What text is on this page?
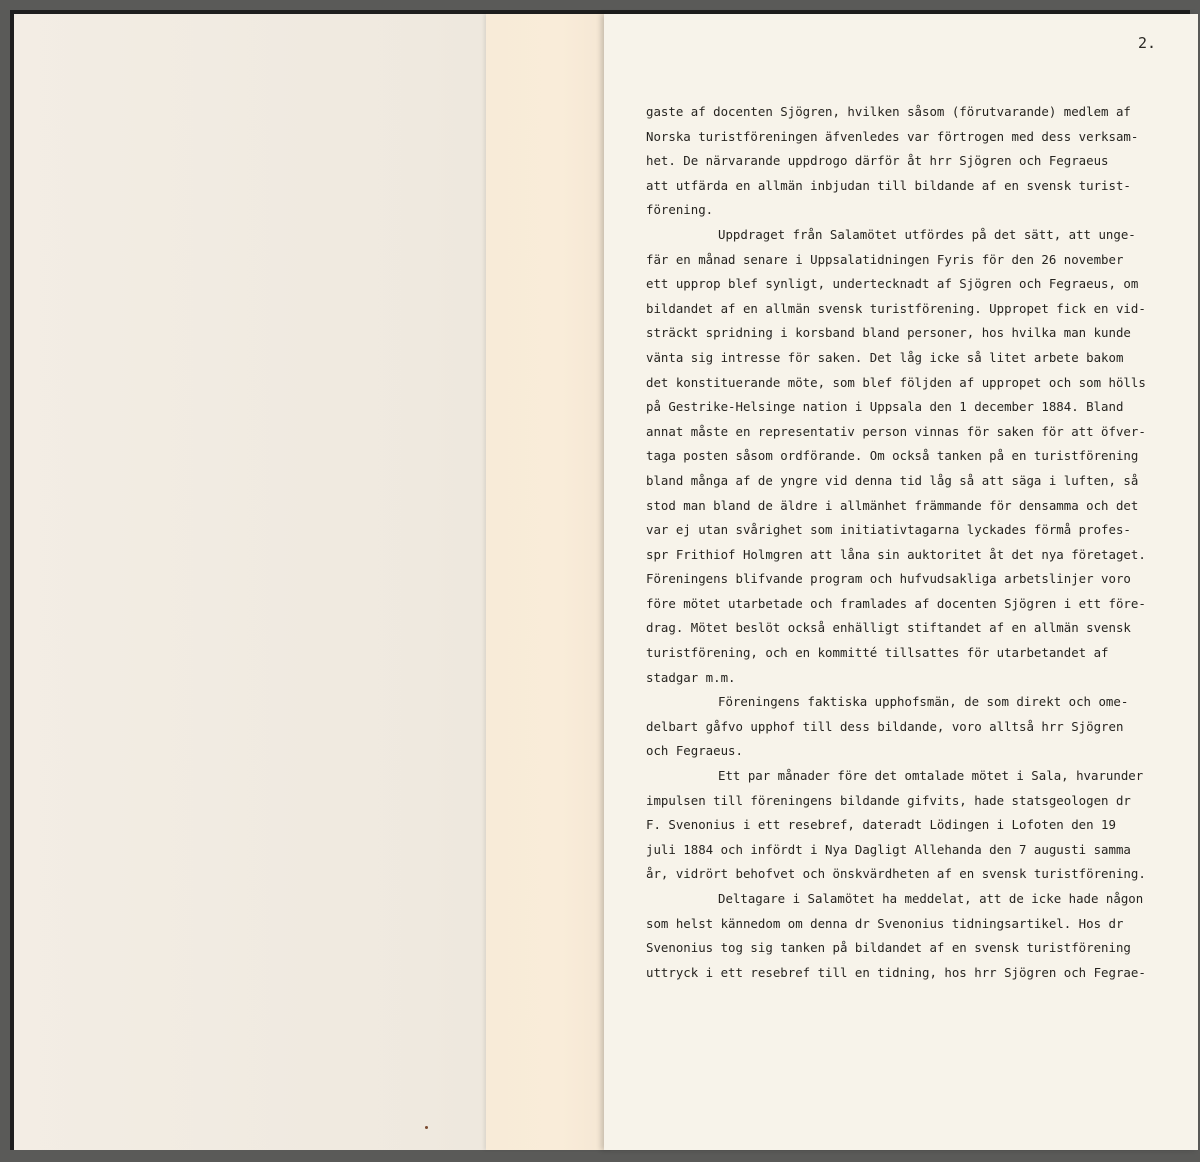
2.
gaste af docenten Sjögren, hvilken såsom (förutvarande) medlem af
Norska turistföreningen äfvenledes var förtrogen med dess verksam-
het. De närvarande uppdrogo därför åt hrr Sjögren och Fegraeus
att utfärda en allmän inbjudan till bildande af en svensk turist-
förening.
Uppdraget från Salamötet utfördes på det sätt, att unge-
fär en månad senare i Uppsalatidningen Fyris för den 26 november
ett upprop blef synligt, undertecknadt af Sjögren och Fegraeus, om
bildandet af en allmän svensk turistförening. Uppropet fick en vid-
sträckt spridning i korsband bland personer, hos hvilka man kunde
vänta sig intresse för saken. Det låg icke så litet arbete bakom
det konstituerande möte, som blef följden af uppropet och som hölls
på Gestrike-Helsinge nation i Uppsala den 1 december 1884. Bland
annat måste en representativ person vinnas för saken för att öfver-
taga posten såsom ordförande. Om också tanken på en turistförening
bland många af de yngre vid denna tid låg så att säga i luften, så
stod man bland de äldre i allmänhet främmande för densamma och det
var ej utan svårighet som initiativtagarna lyckades förmå profes-
spr Frithiof Holmgren att låna sin auktoritet åt det nya företaget.
Föreningens blifvande program och hufvudsakliga arbetslinjer voro
före mötet utarbetade och framlades af docenten Sjögren i ett före-
drag. Mötet beslöt också enhälligt stiftandet af en allmän svensk
turistförening, och en kommitté tillsattes för utarbetandet af
stadgar m.m.
Föreningens faktiska upphofsmän, de som direkt och ome-
delbart gåfvo upphof till dess bildande, voro alltså hrr Sjögren
och Fegraeus.
Ett par månader före det omtalade mötet i Sala, hvarunder
impulsen till föreningens bildande gifvits, hade statsgeologen dr
F. Svenonius i ett resebref, dateradt Lödingen i Lofoten den 19
juli 1884 och infördt i Nya Dagligt Allehanda den 7 augusti samma
år, vidrört behofvet och önskvärdheten af en svensk turistförening.
Deltagare i Salamötet ha meddelat, att de icke hade någon
som helst kännedom om denna dr Svenonius tidningsartikel. Hos dr
Svenonius tog sig tanken på bildandet af en svensk turistförening
uttryck i ett resebref till en tidning, hos hrr Sjögren och Fegrae-
